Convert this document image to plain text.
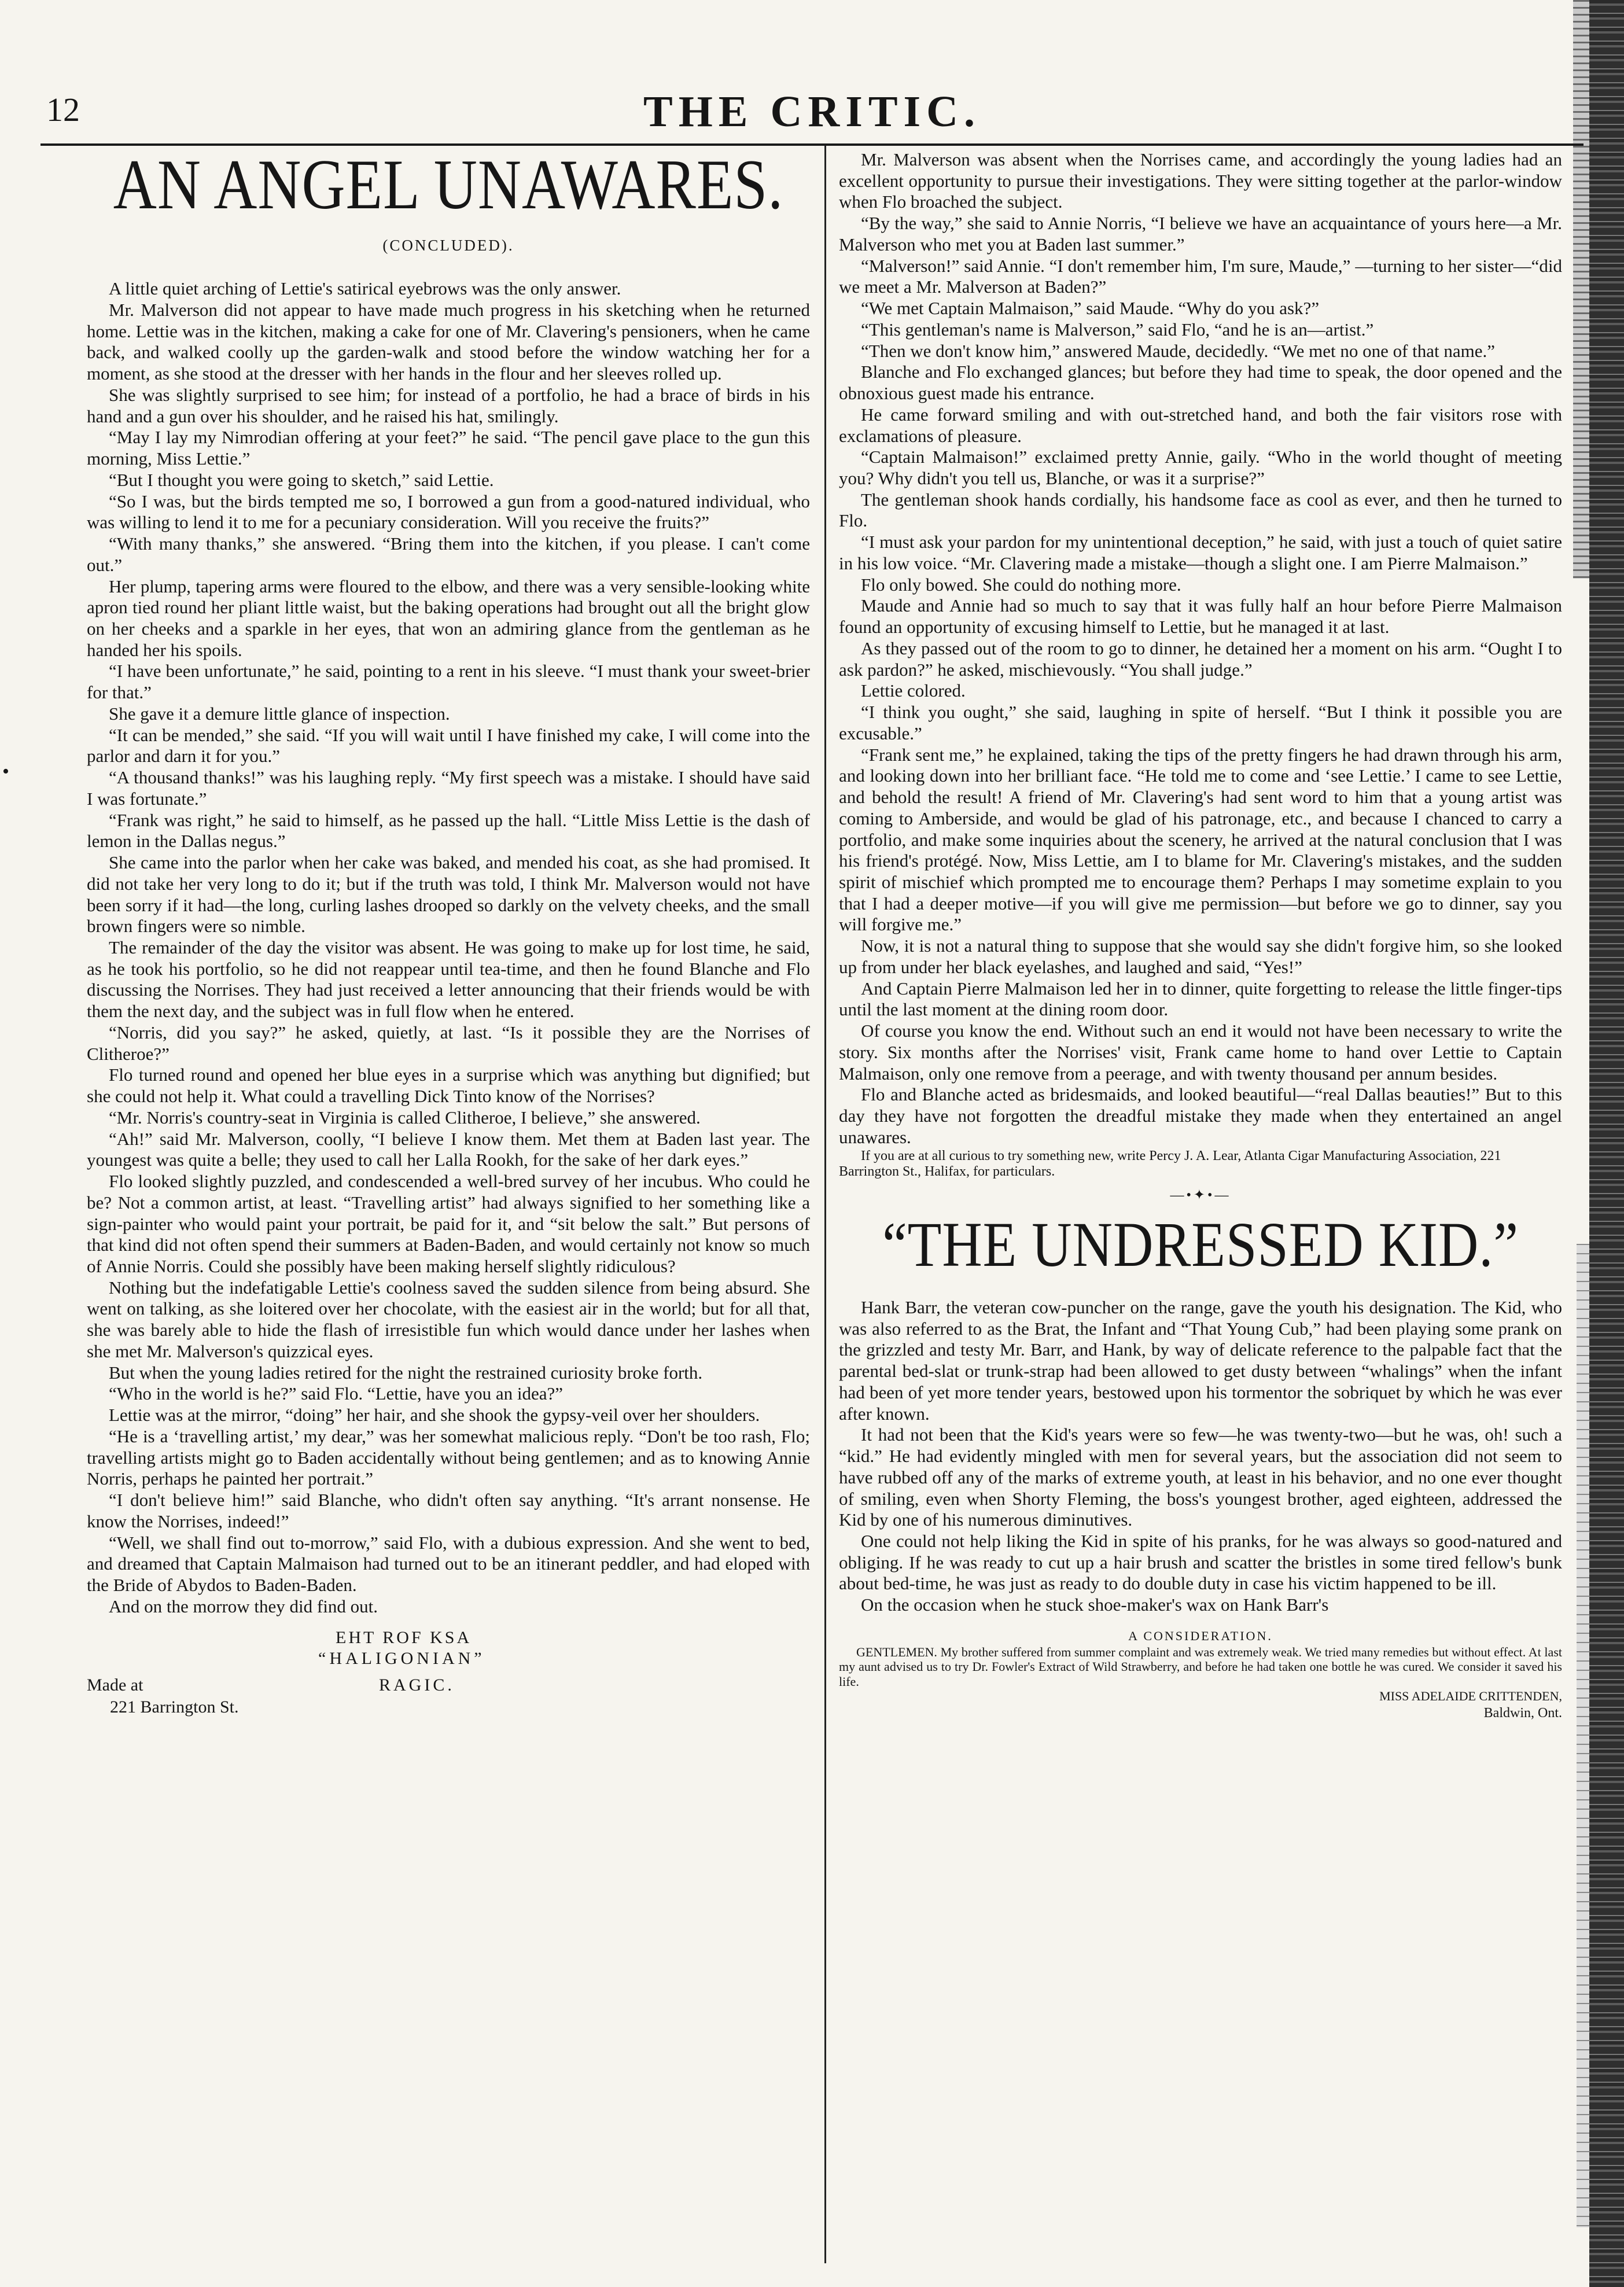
•
12	THE CRITIC.
AN ANGEL UNAWARES.
(CONCLUDED).

A little quiet arching of Lettie's satirical eyebrows was the only answer.

Mr. Malverson did not appear to have made much progress in his sketching when he returned home. Lettie was in the kitchen, making a cake for one of Mr. Clavering's pensioners, when he came back, and walked coolly up the garden-walk and stood before the window watching her for a moment, as she stood at the dresser with her hands in the flour and her sleeves rolled up.

She was slightly surprised to see him; for instead of a portfolio, he had a brace of birds in his hand and a gun over his shoulder, and he raised his hat, smilingly.

“May I lay my Nimrodian offering at your feet?” he said. “The pencil gave place to the gun this morning, Miss Lettie.”

“But I thought you were going to sketch,” said Lettie.

“So I was, but the birds tempted me so, I borrowed a gun from a good-natured individual, who was willing to lend it to me for a pecuniary consideration. Will you receive the fruits?”

“With many thanks,” she answered. “Bring them into the kitchen, if you please. I can't come out.”

Her plump, tapering arms were floured to the elbow, and there was a very sensible-looking white apron tied round her pliant little waist, but the baking operations had brought out all the bright glow on her cheeks and a sparkle in her eyes, that won an admiring glance from the gentleman as he handed her his spoils.

“I have been unfortunate,” he said, pointing to a rent in his sleeve. “I must thank your sweet-brier for that.”

She gave it a demure little glance of inspection.

“It can be mended,” she said. “If you will wait until I have finished my cake, I will come into the parlor and darn it for you.”

“A thousand thanks!” was his laughing reply. “My first speech was a mistake. I should have said I was fortunate.”

“Frank was right,” he said to himself, as he passed up the hall. “Little Miss Lettie is the dash of lemon in the Dallas negus.”

She came into the parlor when her cake was baked, and mended his coat, as she had promised. It did not take her very long to do it; but if the truth was told, I think Mr. Malverson would not have been sorry if it had—the long, curling lashes drooped so darkly on the velvety cheeks, and the small brown fingers were so nimble.

The remainder of the day the visitor was absent. He was going to make up for lost time, he said, as he took his portfolio, so he did not reappear until tea-time, and then he found Blanche and Flo discussing the Norrises. They had just received a letter announcing that their friends would be with them the next day, and the subject was in full flow when he entered.

“Norris, did you say?” he asked, quietly, at last. “Is it possible they are the Norrises of Clitheroe?”

Flo turned round and opened her blue eyes in a surprise which was anything but dignified; but she could not help it. What could a travelling Dick Tinto know of the Norrises?

“Mr. Norris's country-seat in Virginia is called Clitheroe, I believe,” she answered.

“Ah!” said Mr. Malverson, coolly, “I believe I know them. Met them at Baden last year. The youngest was quite a belle; they used to call her Lalla Rookh, for the sake of her dark eyes.”

Flo looked slightly puzzled, and condescended a well-bred survey of her incubus. Who could he be? Not a common artist, at least. “Travelling artist” had always signified to her something like a sign-painter who would paint your portrait, be paid for it, and “sit below the salt.” But persons of that kind did not often spend their summers at Baden-Baden, and would certainly not know so much of Annie Norris. Could she possibly have been making herself slightly ridiculous?

Nothing but the indefatigable Lettie's coolness saved the sudden silence from being absurd. She went on talking, as she loitered over her chocolate, with the easiest air in the world; but for all that, she was barely able to hide the flash of irresistible fun which would dance under her lashes when she met Mr. Malverson's quizzical eyes.

But when the young ladies retired for the night the restrained curiosity broke forth.

“Who in the world is he?” said Flo. “Lettie, have you an idea?”

Lettie was at the mirror, “doing” her hair, and she shook the gypsy-veil over her shoulders.

“He is a ‘travelling artist,’ my dear,” was her somewhat malicious reply. “Don't be too rash, Flo; travelling artists might go to Baden accidentally without being gentlemen; and as to knowing Annie Norris, perhaps he painted her portrait.”

“I don't believe him!” said Blanche, who didn't often say anything. “It's arrant nonsense. He know the Norrises, indeed!”

“Well, we shall find out to-morrow,” said Flo, with a dubious expression. And she went to bed, and dreamed that Captain Malmaison had turned out to be an itinerant peddler, and had eloped with the Bride of Abydos to Baden-Baden.

And on the morrow they did find out.

EHT ROF KSA
“HALIGONIAN”
Made at	RAGIC.
221 Barrington St.

Mr. Malverson was absent when the Norrises came, and accordingly the young ladies had an excellent opportunity to pursue their investigations. They were sitting together at the parlor-window when Flo broached the subject.

“By the way,” she said to Annie Norris, “I believe we have an acquaintance of yours here—a Mr. Malverson who met you at Baden last summer.”

“Malverson!” said Annie. “I don't remember him, I'm sure, Maude,” —turning to her sister—“did we meet a Mr. Malverson at Baden?”

“We met Captain Malmaison,” said Maude. “Why do you ask?”

“This gentleman's name is Malverson,” said Flo, “and he is an—artist.”

“Then we don't know him,” answered Maude, decidedly. “We met no one of that name.”

Blanche and Flo exchanged glances; but before they had time to speak, the door opened and the obnoxious guest made his entrance.

He came forward smiling and with out-stretched hand, and both the fair visitors rose with exclamations of pleasure.

“Captain Malmaison!” exclaimed pretty Annie, gaily. “Who in the world thought of meeting you? Why didn't you tell us, Blanche, or was it a surprise?”

The gentleman shook hands cordially, his handsome face as cool as ever, and then he turned to Flo.

“I must ask your pardon for my unintentional deception,” he said, with just a touch of quiet satire in his low voice. “Mr. Clavering made a mistake—though a slight one. I am Pierre Malmaison.”

Flo only bowed. She could do nothing more.

Maude and Annie had so much to say that it was fully half an hour before Pierre Malmaison found an opportunity of excusing himself to Lettie, but he managed it at last.

As they passed out of the room to go to dinner, he detained her a moment on his arm. “Ought I to ask pardon?” he asked, mischievously. “You shall judge.”

Lettie colored.

“I think you ought,” she said, laughing in spite of herself. “But I think it possible you are excusable.”

“Frank sent me,” he explained, taking the tips of the pretty fingers he had drawn through his arm, and looking down into her brilliant face. “He told me to come and ‘see Lettie.’ I came to see Lettie, and behold the result! A friend of Mr. Clavering's had sent word to him that a young artist was coming to Amberside, and would be glad of his patronage, etc., and because I chanced to carry a portfolio, and make some inquiries about the scenery, he arrived at the natural conclusion that I was his friend's protégé. Now, Miss Lettie, am I to blame for Mr. Clavering's mistakes, and the sudden spirit of mischief which prompted me to encourage them? Perhaps I may sometime explain to you that I had a deeper motive—if you will give me permission—but before we go to dinner, say you will forgive me.”

Now, it is not a natural thing to suppose that she would say she didn't forgive him, so she looked up from under her black eyelashes, and laughed and said, “Yes!”

And Captain Pierre Malmaison led her in to dinner, quite forgetting to release the little finger-tips until the last moment at the dining room door.

Of course you know the end. Without such an end it would not have been necessary to write the story. Six months after the Norrises' visit, Frank came home to hand over Lettie to Captain Malmaison, only one remove from a peerage, and with twenty thousand per annum besides.

Flo and Blanche acted as bridesmaids, and looked beautiful—“real Dallas beauties!” But to this day they have not forgotten the dreadful mistake they made when they entertained an angel unawares.

If you are at all curious to try something new, write Percy J. A. Lear, Atlanta Cigar Manufacturing Association, 221 Barrington St., Halifax, for particulars.

—•✦•—
“THE UNDRESSED KID.”

Hank Barr, the veteran cow-puncher on the range, gave the youth his designation. The Kid, who was also referred to as the Brat, the Infant and “That Young Cub,” had been playing some prank on the grizzled and testy Mr. Barr, and Hank, by way of delicate reference to the palpable fact that the parental bed-slat or trunk-strap had been allowed to get dusty between “whalings” when the infant had been of yet more tender years, bestowed upon his tormentor the sobriquet by which he was ever after known.

It had not been that the Kid's years were so few—he was twenty-two—but he was, oh! such a “kid.” He had evidently mingled with men for several years, but the association did not seem to have rubbed off any of the marks of extreme youth, at least in his behavior, and no one ever thought of smiling, even when Shorty Fleming, the boss's youngest brother, aged eighteen, addressed the Kid by one of his numerous diminutives.

One could not help liking the Kid in spite of his pranks, for he was always so good-natured and obliging. If he was ready to cut up a hair brush and scatter the bristles in some tired fellow's bunk about bed-time, he was just as ready to do double duty in case his victim happened to be ill.

On the occasion when he stuck shoe-maker's wax on Hank Barr's

A CONSIDERATION.

GENTLEMEN. My brother suffered from summer complaint and was extremely weak. We tried many remedies but without effect. At last my aunt advised us to try Dr. Fowler's Extract of Wild Strawberry, and before he had taken one bottle he was cured. We consider it saved his life.

MISS ADELAIDE CRITTENDEN,
Baldwin, Ont.
